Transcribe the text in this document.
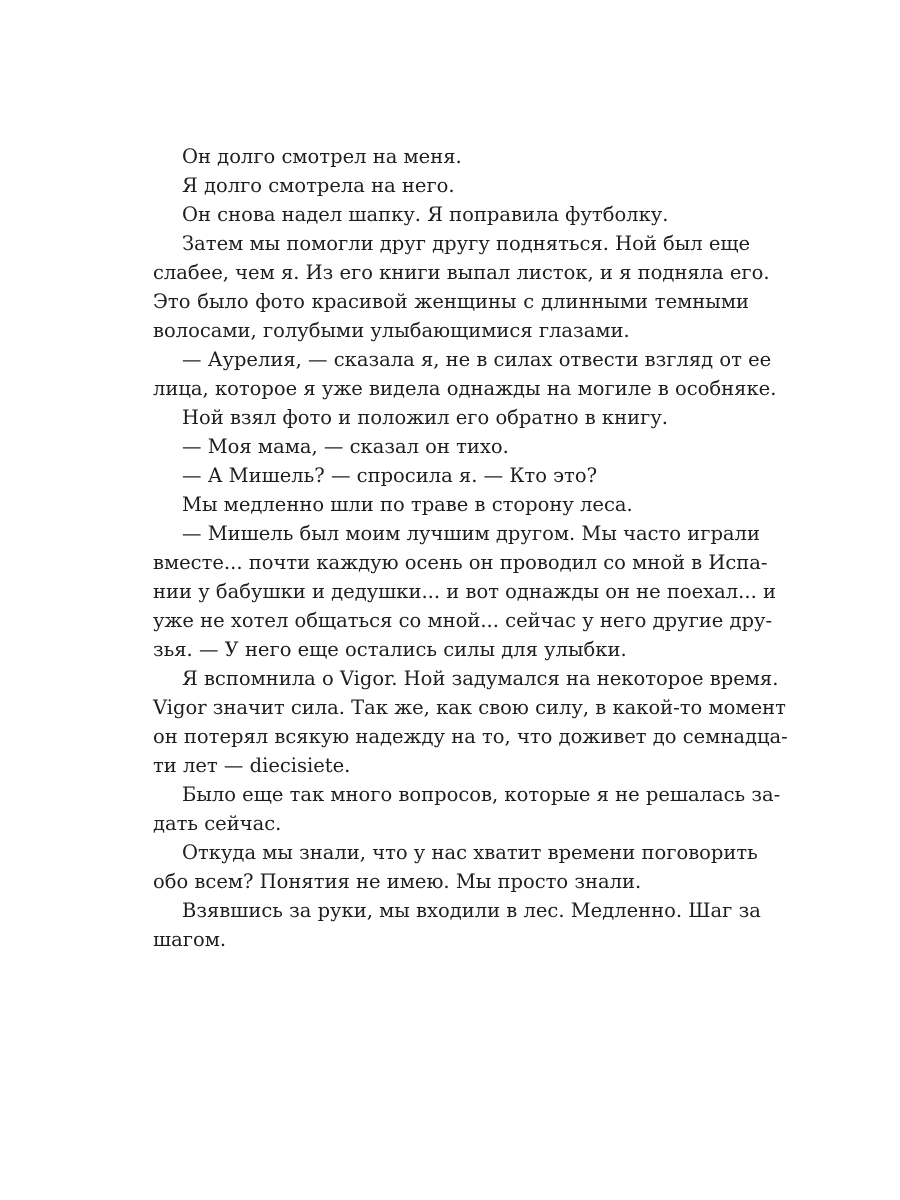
Он долго смотрел на меня.
Я долго смотрела на него.
Он снова надел шапку. Я поправила футболку.
Затем мы помогли друг другу подняться. Ной был еще
слабее, чем я. Из его книги выпал листок, и я подняла его.
Это было фото красивой женщины с длинными темными
волосами, голубыми улыбающимися глазами.
— Аурелия, — сказала я, не в силах отвести взгляд от ее
лица, которое я уже видела однажды на могиле в особняке.
Ной взял фото и положил его обратно в книгу.
— Моя мама, — сказал он тихо.
— А Мишель? — спросила я. — Кто это?
Мы медленно шли по траве в сторону леса.
— Мишель был моим лучшим другом. Мы часто играли
вместе... почти каждую осень он проводил со мной в Испа-
нии у бабушки и дедушки... и вот однажды он не поехал... и
уже не хотел общаться со мной... сейчас у него другие дру-
зья. — У него еще остались силы для улыбки.
Я вспомнила о Vigor. Ной задумался на некоторое время.
Vigor значит сила. Так же, как свою силу, в какой-то момент
он потерял всякую надежду на то, что доживет до семнадца-
ти лет — diecisiete.
Было еще так много вопросов, которые я не решалась за-
дать сейчас.
Откуда мы знали, что у нас хватит времени поговорить
обо всем? Понятия не имею. Мы просто знали.
Взявшись за руки, мы входили в лес. Медленно. Шаг за
шагом.
